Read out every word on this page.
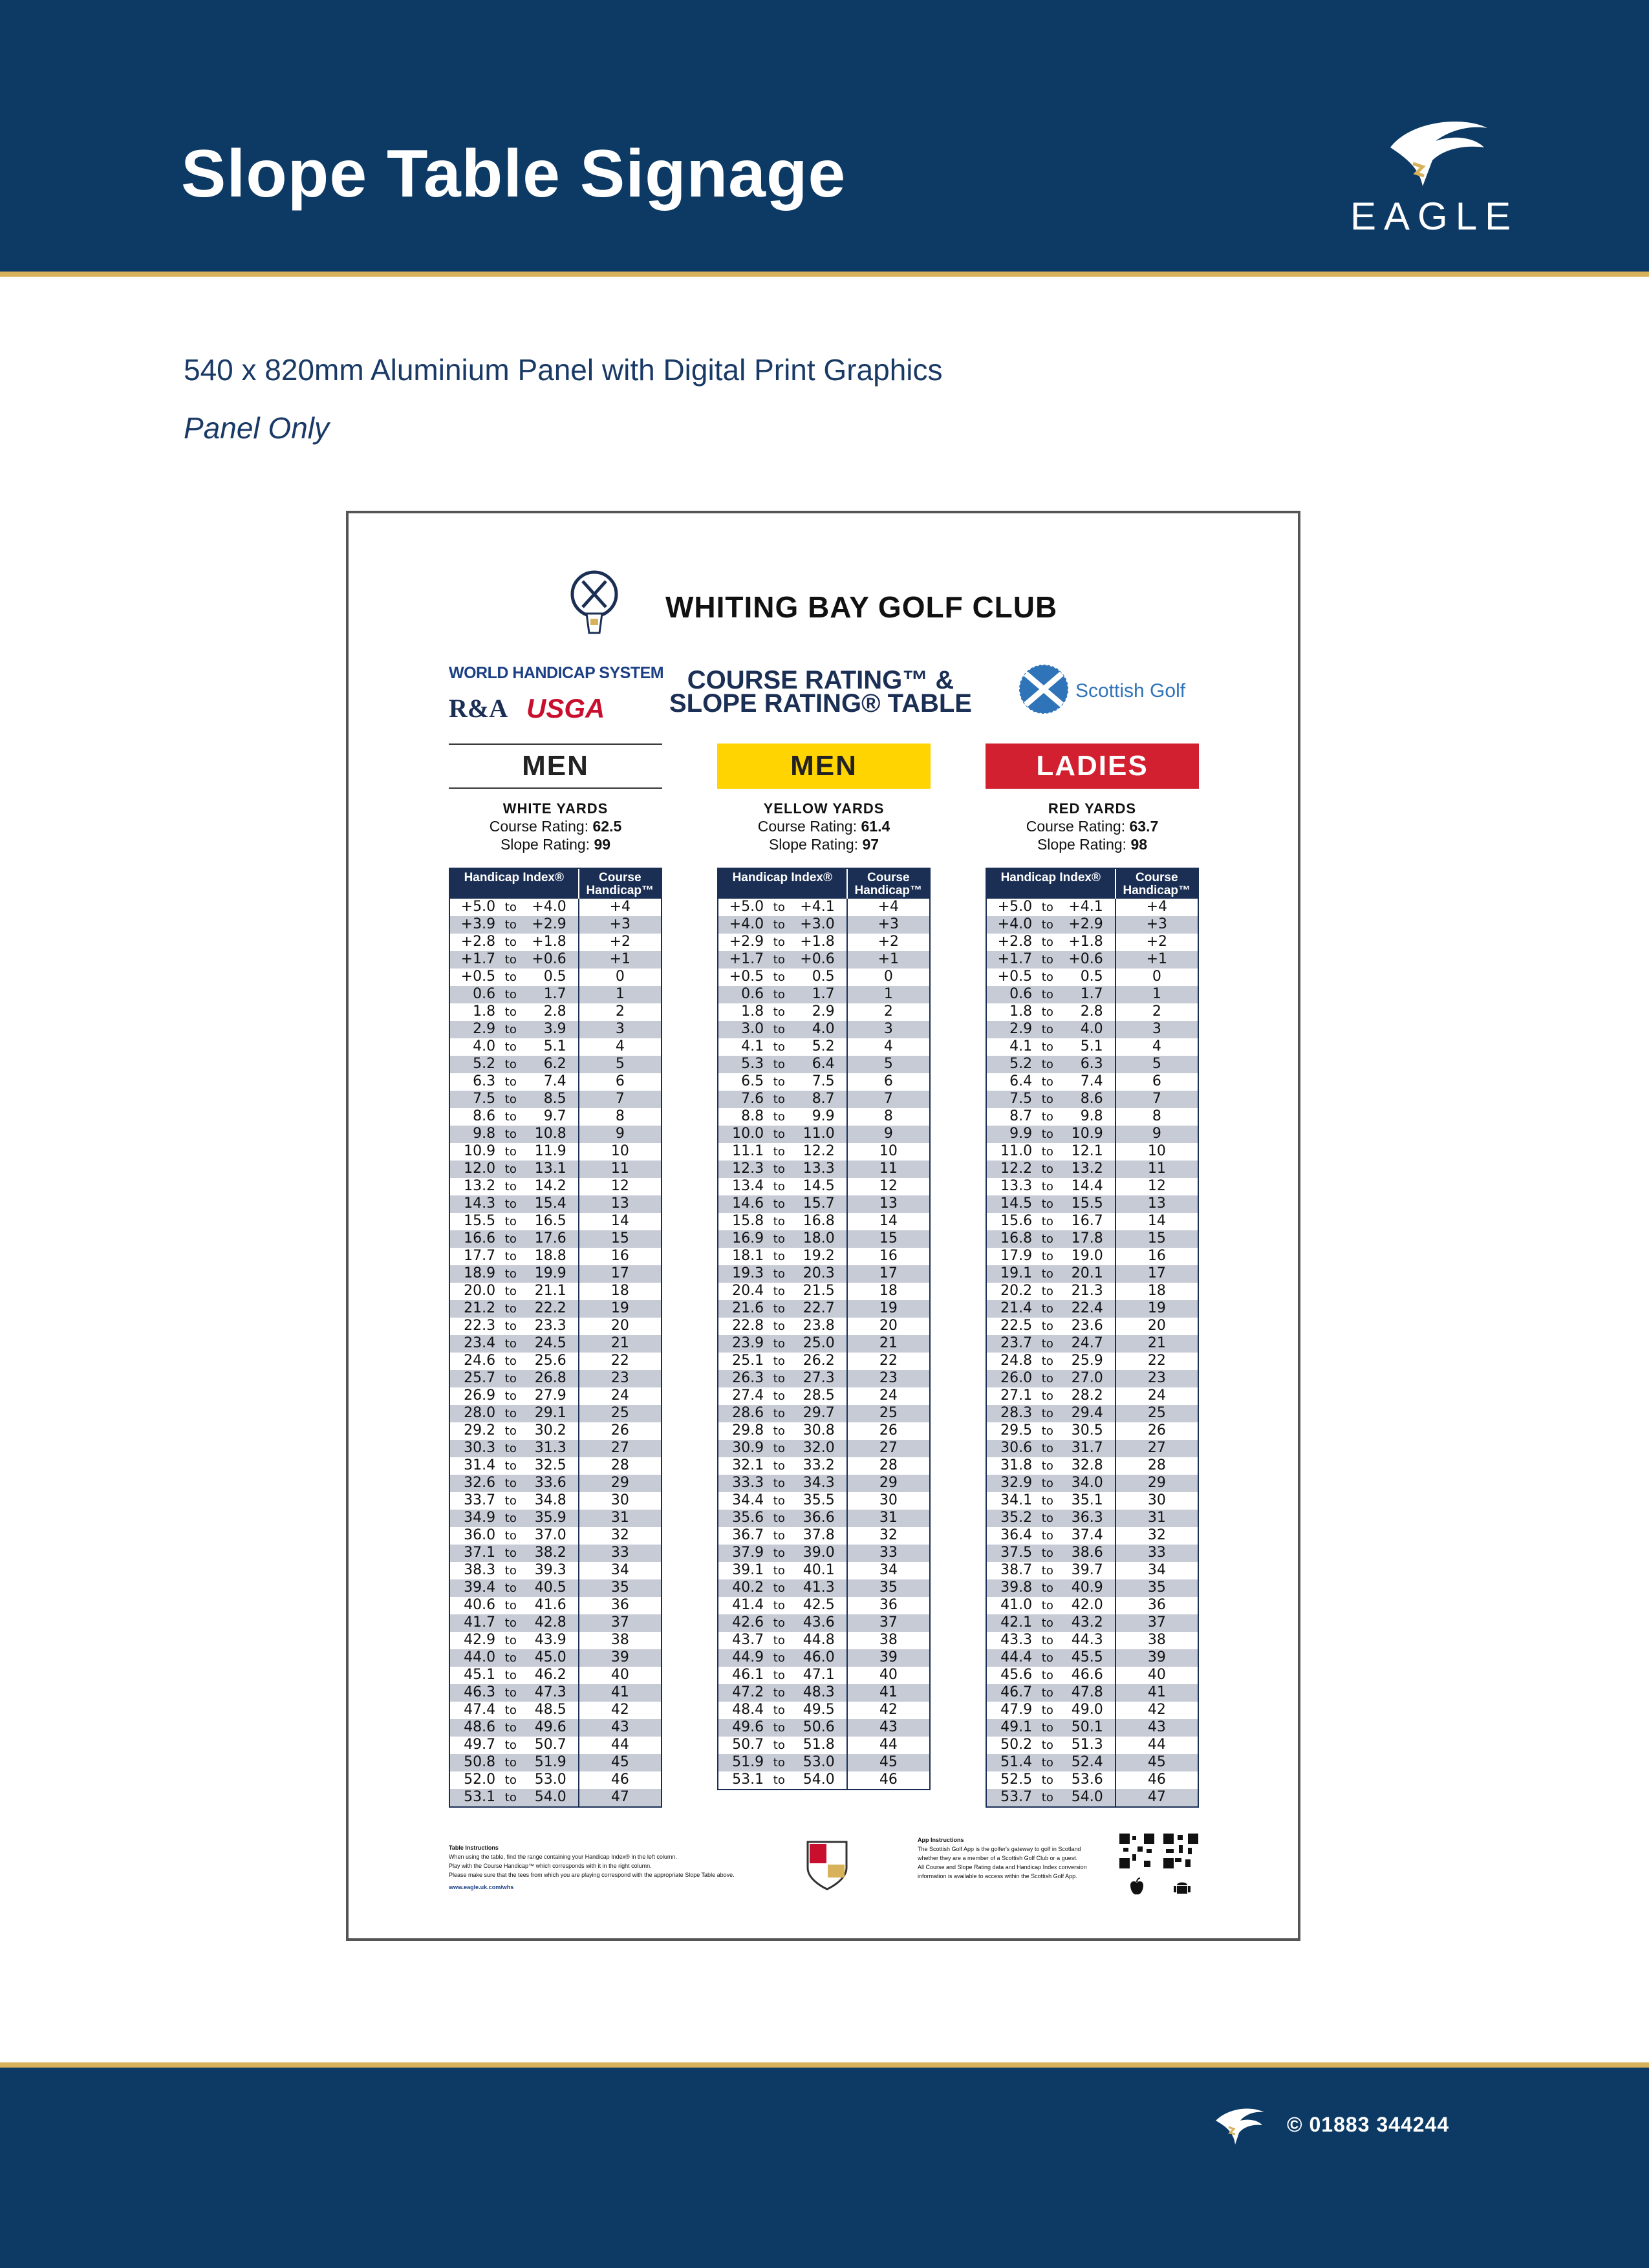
Slope Table Signage
EAGLE
540 x 820mm Aluminium Panel with Digital Print Graphics
Panel Only
WHITING BAY GOLF CLUB
WORLD HANDICAP SYSTEM
R&A USGA
COURSE RATING™ &
SLOPE RATING® TABLE	Scottish Golf
MEN
WHITE YARDS
Course Rating: 62.5
Slope Rating: 99
Handicap Index®	Course Handicap™
+5.0 to	+4.0	+4
+3.9 to	+2.9	+3
+2.8 to	+1.8	+2
+1.7 to	+0.6	+1
+0.5 to	0.5	0
0.6 to	1.7	1
1.8 to	2.8	2
2.9 to	3.9	3
4.0 to	5.1	4
5.2 to	6.2	5
6.3 to	7.4	6
7.5 to	8.5	7
8.6 to	9.7	8
9.8 to	10.8	9
10.9 to	11.9	10
12.0 to	13.1	11
13.2 to	14.2	12
14.3 to	15.4	13
15.5 to	16.5	14
16.6 to	17.6	15
17.7 to	18.8	16
18.9 to	19.9	17
20.0 to	21.1	18
21.2 to	22.2	19
22.3 to	23.3	20
23.4 to	24.5	21
24.6 to	25.6	22
25.7 to	26.8	23
26.9 to	27.9	24
28.0 to	29.1	25
29.2 to	30.2	26
30.3 to	31.3	27
31.4 to	32.5	28
32.6 to	33.6	29
33.7 to	34.8	30
34.9 to	35.9	31
36.0 to	37.0	32
37.1 to	38.2	33
38.3 to	39.3	34
39.4 to	40.5	35
40.6 to	41.6	36
41.7 to	42.8	37
42.9 to	43.9	38
44.0 to	45.0	39
45.1 to	46.2	40
46.3 to	47.3	41
47.4 to	48.5	42
48.6 to	49.6	43
49.7 to	50.7	44
50.8 to	51.9	45
52.0 to	53.0	46
53.1 to	54.0	47
MEN
YELLOW YARDS
Course Rating: 61.4
Slope Rating: 97
Handicap Index®	Course Handicap™
+5.0 to	+4.1	+4
+4.0 to	+3.0	+3
+2.9 to	+1.8	+2
+1.7 to	+0.6	+1
+0.5 to	0.5	0
0.6 to	1.7	1
1.8 to	2.9	2
3.0 to	4.0	3
4.1 to	5.2	4
5.3 to	6.4	5
6.5 to	7.5	6
7.6 to	8.7	7
8.8 to	9.9	8
10.0 to	11.0	9
11.1 to	12.2	10
12.3 to	13.3	11
13.4 to	14.5	12
14.6 to	15.7	13
15.8 to	16.8	14
16.9 to	18.0	15
18.1 to	19.2	16
19.3 to	20.3	17
20.4 to	21.5	18
21.6 to	22.7	19
22.8 to	23.8	20
23.9 to	25.0	21
25.1 to	26.2	22
26.3 to	27.3	23
27.4 to	28.5	24
28.6 to	29.7	25
29.8 to	30.8	26
30.9 to	32.0	27
32.1 to	33.2	28
33.3 to	34.3	29
34.4 to	35.5	30
35.6 to	36.6	31
36.7 to	37.8	32
37.9 to	39.0	33
39.1 to	40.1	34
40.2 to	41.3	35
41.4 to	42.5	36
42.6 to	43.6	37
43.7 to	44.8	38
44.9 to	46.0	39
46.1 to	47.1	40
47.2 to	48.3	41
48.4 to	49.5	42
49.6 to	50.6	43
50.7 to	51.8	44
51.9 to	53.0	45
53.1 to	54.0	46
LADIES
RED YARDS
Course Rating: 63.7
Slope Rating: 98
Handicap Index®	Course Handicap™
+5.0 to	+4.1	+4
+4.0 to	+2.9	+3
+2.8 to	+1.8	+2
+1.7 to	+0.6	+1
+0.5 to	0.5	0
0.6 to	1.7	1
1.8 to	2.8	2
2.9 to	4.0	3
4.1 to	5.1	4
5.2 to	6.3	5
6.4 to	7.4	6
7.5 to	8.6	7
8.7 to	9.8	8
9.9 to	10.9	9
11.0 to	12.1	10
12.2 to	13.2	11
13.3 to	14.4	12
14.5 to	15.5	13
15.6 to	16.7	14
16.8 to	17.8	15
17.9 to	19.0	16
19.1 to	20.1	17
20.2 to	21.3	18
21.4 to	22.4	19
22.5 to	23.6	20
23.7 to	24.7	21
24.8 to	25.9	22
26.0 to	27.0	23
27.1 to	28.2	24
28.3 to	29.4	25
29.5 to	30.5	26
30.6 to	31.7	27
31.8 to	32.8	28
32.9 to	34.0	29
34.1 to	35.1	30
35.2 to	36.3	31
36.4 to	37.4	32
37.5 to	38.6	33
38.7 to	39.7	34
39.8 to	40.9	35
41.0 to	42.0	36
42.1 to	43.2	37
43.3 to	44.3	38
44.4 to	45.5	39
45.6 to	46.6	40
46.7 to	47.8	41
47.9 to	49.0	42
49.1 to	50.1	43
50.2 to	51.3	44
51.4 to	52.4	45
52.5 to	53.6	46
53.7 to	54.0	47
Table Instructions
When using the table, find the range containing your Handicap Index® in the left column.
Play with the Course Handicap™ which corresponds with it in the right column.
Please make sure that the tees from which you are playing correspond with the appropriate Slope Table above.
www.eagle.uk.com/whs
App Instructions
The Scottish Golf App is the golfer's gateway to golf in Scotland
whether they are a member of a Scottish Golf Club or a guest.
All Course and Slope Rating data and Handicap Index conversion
information is available to access within the Scottish Golf App.
© 01883 344244
